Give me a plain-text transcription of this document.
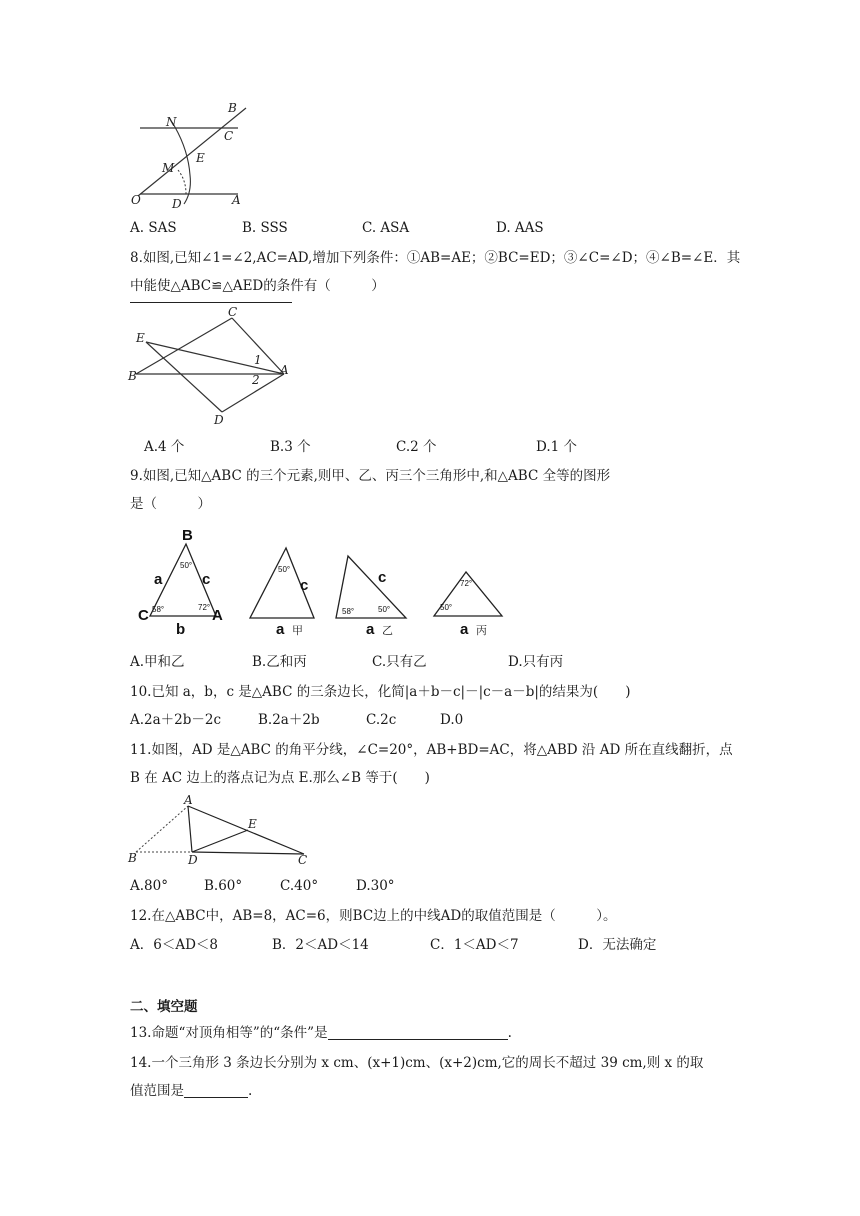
B
N
C
E
M
O	D	A
A. SAS	B. SSS	C. ASA	D. AAS
8.如图,已知∠1=∠2,AC=AD,增加下列条件：①AB=AE；②BC=ED；③∠C=∠D；④∠B=∠E．其
中能使△ABC≌△AED的条件有（　　　）
C
E
B	A
D
1
2
A.4 个	B.3 个	C.2 个	D.1 个
9.如图,已知△ABC 的三个元素,则甲、乙、丙三个三角形中,和△ABC 全等的图形
是（　　　）
B
50°
a	c
C 58°	72° A
b
50°
c
a 甲
c
58°	50°
a 乙
72°
50°
a 丙
A.甲和乙	B.乙和丙	C.只有乙	D.只有丙
10.已知 a，b，c 是△ABC 的三条边长，化简|a＋b－c|－|c－a－b|的结果为(　　)
A.2a＋2b－2c	B.2a＋2b	C.2c	D.0
11.如图，AD 是△ABC 的角平分线，∠C=20°，AB+BD=AC，将△ABD 沿 AD 所在直线翻折，点
B 在 AC 边上的落点记为点 E.那么∠B 等于(　　)
A
E
B	D	C
A.80°	B.60°	C.40°	D.30°
12.在△ABC中，AB=8，AC=6，则BC边上的中线AD的取值范围是（　　　）。
A．6＜AD＜8	B．2＜AD＜14	C．1＜AD＜7	D．无法确定
二、填空题
13.命题“对顶角相等”的“条件”是	.
14.一个三角形 3 条边长分别为 x cm、(x+1)cm、(x+2)cm,它的周长不超过 39 cm,则 x 的取
值范围是	.
